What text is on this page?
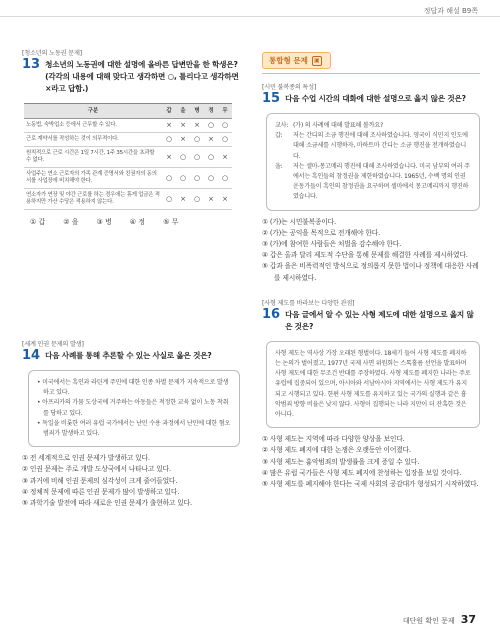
정답과 해설 B9쪽
[청소년의 노동권 문제]
13 청소년의 노동권에 대한 설명에 올바른 답변만을 한 학생은? (각각의 내용에 대해 맞다고 생각하면 ○, 틀리다고 생각하면 ×라고 답함.)
구분	갑	을	병	정	무
노동법, 숙박업소 등에서 근무할 수 있다.	×	×	×	○	○
근로 계약서를 작성하는 것이 의무적이다.	○	×	○	×	○
원칙적으로 근로 시간은 1일 7시간, 1주 35시간을 초과할 수 없다.	×	○	○	○	×
사업주는 연소 근로자의 가족 관계 증명서와 친권자의 동의서를 사업장에 비치해야 한다.	○	○	○	○	○
연소자가 연장 및 야간 근로를 하는 경우에는 휴게 업금은 적용하지만 가산 수당은 적용하지 않는다.	○	×	○	×	×
① 갑	② 을	③ 병	④ 정	⑤ 무
[세계 인권 문제의 발생]
14 다음 사례를 통해 추론할 수 있는 사실로 옳은 것은?
• 미국에서는 흑인과 라틴계 주민에 대한 인종 차별 문제가 지속적으로 발생하고 있다.
• 아프리카의 가뭄 도상국에 거주하는 아동들은 적정한 교육 없이 노동 착취를 당하고 있다.
• 독일을 비롯한 여러 유럽 국가에서는 난민 수용 과정에서 난민에 대한 혐오 범죄가 발생하고 있다.
① 전 세계적으로 인권 문제가 발생하고 있다.
② 인권 문제는 주로 개발 도상국에서 나타나고 있다.
③ 과거에 비해 인권 문제의 심각성이 크게 줄어들었다.
④ 정체적 문제에 따른 인권 문제가 많이 발생하고 있다.
⑤ 과학기술 발전에 따라 새로운 인권 문제가 출현하고 있다.
통합형 문제	▣
[시민 불복종의 특성]
15 다음 수업 시간의 대화에 대한 설명으로 옳지 않은 것은?
교사: (가) 의 사례에 대해 발표해 볼까요?
갑:	저는 간디의 소금 행진에 대해 조사하였습니다. 영국이 식민지 인도에 대해 소금세를 시행하자, 마하트마 간디는 소금 행진을 전개하였습니다.
을:	저는 셀마-몽고메리 행진에 대해 조사하였습니다. 미국 남부의 여러 주에서는 흑인들의 참정권을 제한하였습니다. 1965년, 수백 명의 인권 운동가들이 흑인의 참정권을 요구하며 셀마에서 몽고메리까지 행진하였습니다.
① (가)는 시민불복종이다.
② (가)는 공익을 목적으로 전개해야 한다.
③ (가)에 참여한 사람들은 처벌을 감수해야 한다.
④ 갑은 올과 달리 제도적 수단을 통해 문제를 해결한 사례를 제시하였다.
⑤ 갑과 을은 비폭력적인 방식으로 정의롭지 못한 법이나 정책에 대응한 사례를 제시하였다.
[사형 제도를 바라보는 다양한 관점]
16 다음 글에서 알 수 있는 사형 제도에 대한 설명으로 옳지 않은 것은?
사형 제도는 역사상 가장 오래된 형벌이다. 18세기 들어 사형 제도를 폐지하는 논의가 벌어졌고, 1977년 국제 사면 위원회는 스톡홀름 선언을 발표하며 사형 제도에 대한 무조건 반대를 주장하였다. 사형 제도를 폐지한 나라는 주로 유럽에 집중되어 있으며, 아시아와 서남아시아 지역에서는 사형 제도가 유지되고 시행되고 있다. 한편 사형 제도를 유지하고 있는 국가의 실행과 같은 흉악범죄 방향 비율은 낮지 않다. 사형이 집행되는 나라 지만이 더 잔혹한 것은 아니다.
① 사형 제도는 지역에 따라 다양한 양상을 보인다.
② 사형 제도 폐지에 대한 논쟁은 오랫동안 이어졌다.
③ 사형 제도는 흉악범죄의 발생률을 크게 증일 수 있다.
④ 많은 유럽 국가들은 사형 제도 폐지에 찬성하는 입장을 보일 것이다.
⑤ 사형 제도를 폐지해야 한다는 국제 사회의 공감대가 형성되기 시작하였다.
대단원 확인 문제 37
